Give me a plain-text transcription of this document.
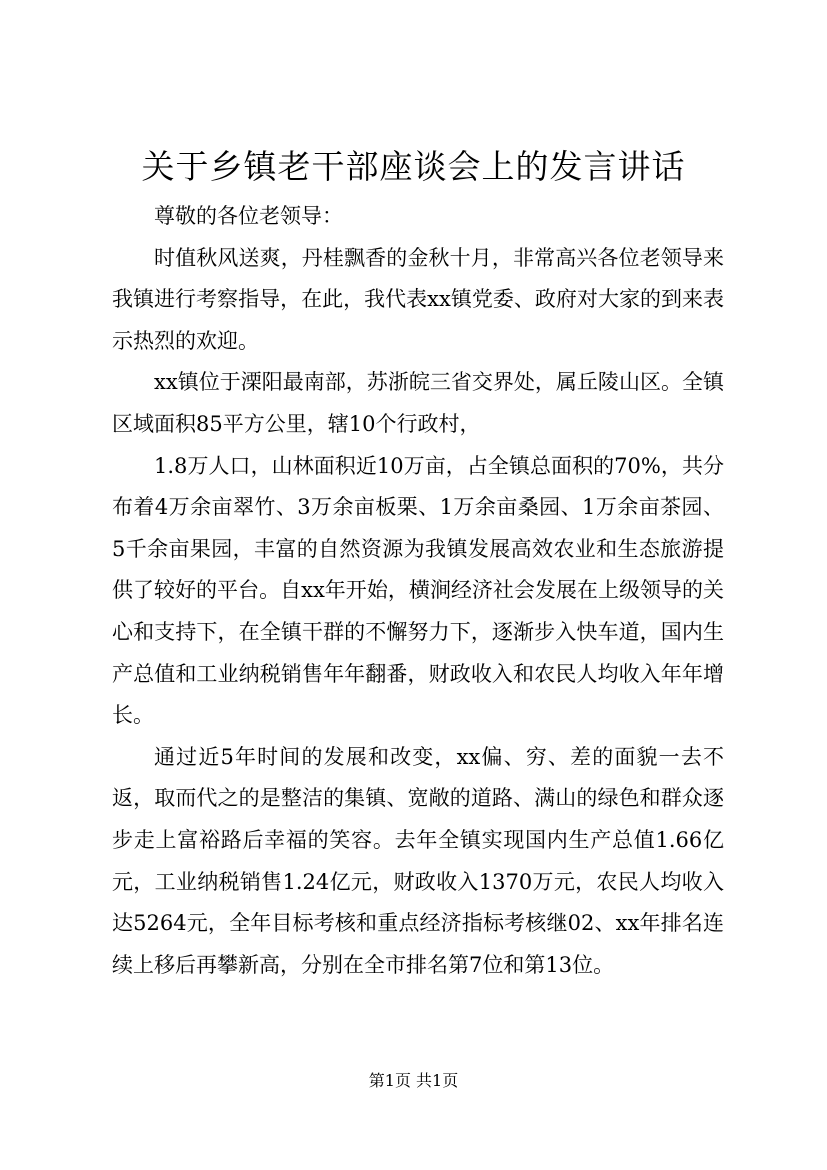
关于乡镇老干部座谈会上的发言讲话

尊敬的各位老领导：

时值秋风送爽，丹桂飘香的金秋十月，非常高兴各位老领导来我镇进行考察指导，在此，我代表xx镇党委、政府对大家的到来表示热烈的欢迎。

xx镇位于溧阳最南部，苏浙皖三省交界处，属丘陵山区。全镇区域面积85平方公里，辖10个行政村，

1.8万人口，山林面积近10万亩，占全镇总面积的70%，共分布着4万余亩翠竹、3万余亩板栗、1万余亩桑园、1万余亩茶园、5千余亩果园，丰富的自然资源为我镇发展高效农业和生态旅游提供了较好的平台。自xx年开始，横涧经济社会发展在上级领导的关心和支持下，在全镇干群的不懈努力下，逐渐步入快车道，国内生产总值和工业纳税销售年年翻番，财政收入和农民人均收入年年增长。

通过近5年时间的发展和改变，xx偏、穷、差的面貌一去不返，取而代之的是整洁的集镇、宽敞的道路、满山的绿色和群众逐步走上富裕路后幸福的笑容。去年全镇实现国内生产总值1.66亿元，工业纳税销售1.24亿元，财政收入1370万元，农民人均收入达5264元，全年目标考核和重点经济指标考核继02、xx年排名连续上移后再攀新高，分别在全市排名第7位和第13位。

第1页 共1页
